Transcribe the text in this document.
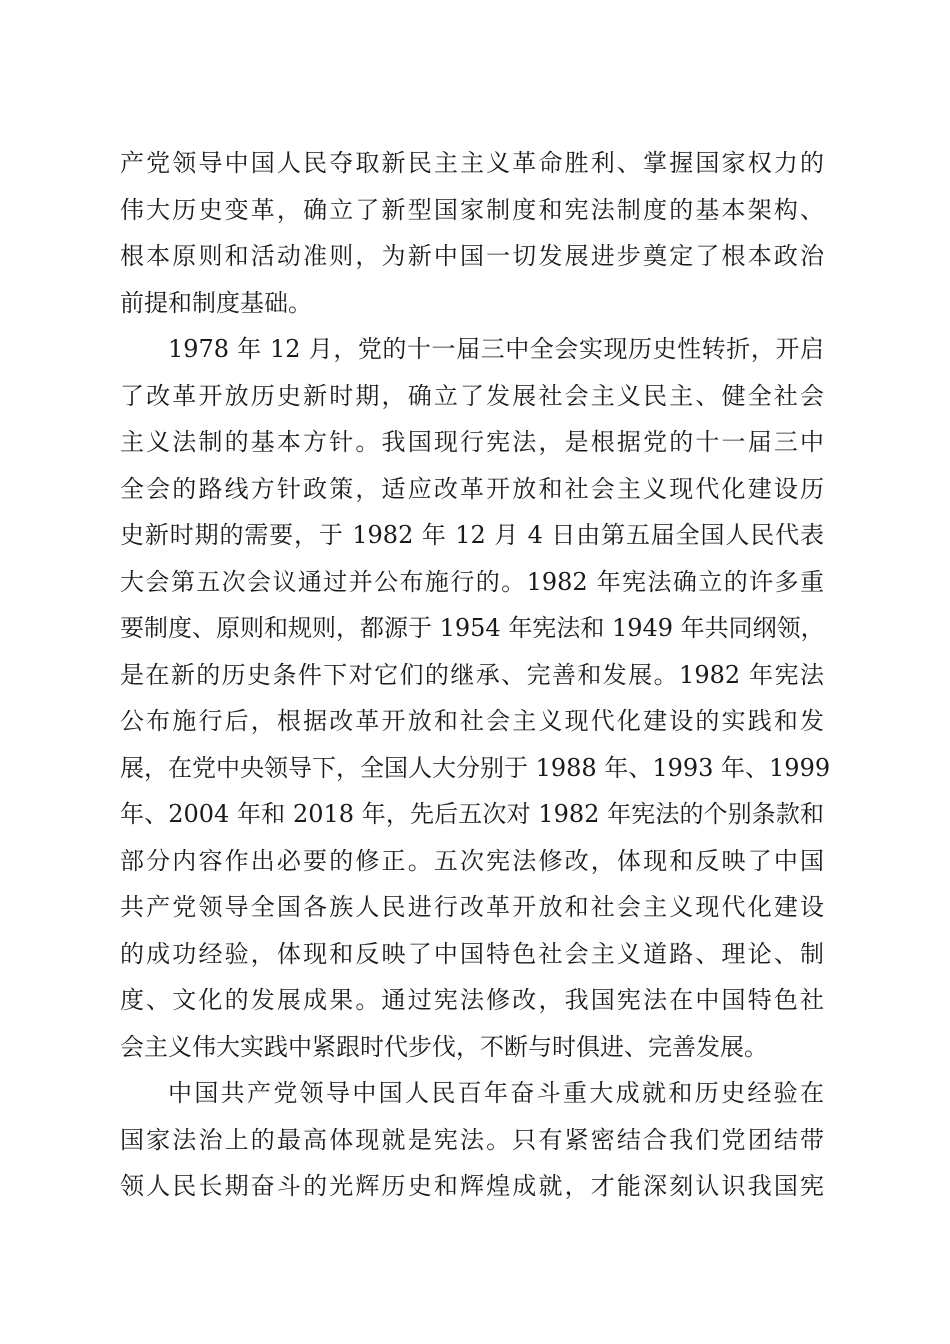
产党领导中国人民夺取新民主主义革命胜利、掌握国家权力的
伟大历史变革，确立了新型国家制度和宪法制度的基本架构、
根本原则和活动准则，为新中国一切发展进步奠定了根本政治
前提和制度基础。
1978 年 12 月，党的十一届三中全会实现历史性转折，开启
了改革开放历史新时期，确立了发展社会主义民主、健全社会
主义法制的基本方针。我国现行宪法，是根据党的十一届三中
全会的路线方针政策，适应改革开放和社会主义现代化建设历
史新时期的需要，于 1982 年 12 月 4 日由第五届全国人民代表
大会第五次会议通过并公布施行的。1982 年宪法确立的许多重
要制度、原则和规则，都源于 1954 年宪法和 1949 年共同纲领，
是在新的历史条件下对它们的继承、完善和发展。1982 年宪法
公布施行后，根据改革开放和社会主义现代化建设的实践和发
展，在党中央领导下，全国人大分别于 1988 年、1993 年、1999
年、2004 年和 2018 年，先后五次对 1982 年宪法的个别条款和
部分内容作出必要的修正。五次宪法修改，体现和反映了中国
共产党领导全国各族人民进行改革开放和社会主义现代化建设
的成功经验，体现和反映了中国特色社会主义道路、理论、制
度、文化的发展成果。通过宪法修改，我国宪法在中国特色社
会主义伟大实践中紧跟时代步伐，不断与时俱进、完善发展。
中国共产党领导中国人民百年奋斗重大成就和历史经验在
国家法治上的最高体现就是宪法。只有紧密结合我们党团结带
领人民长期奋斗的光辉历史和辉煌成就，才能深刻认识我国宪
